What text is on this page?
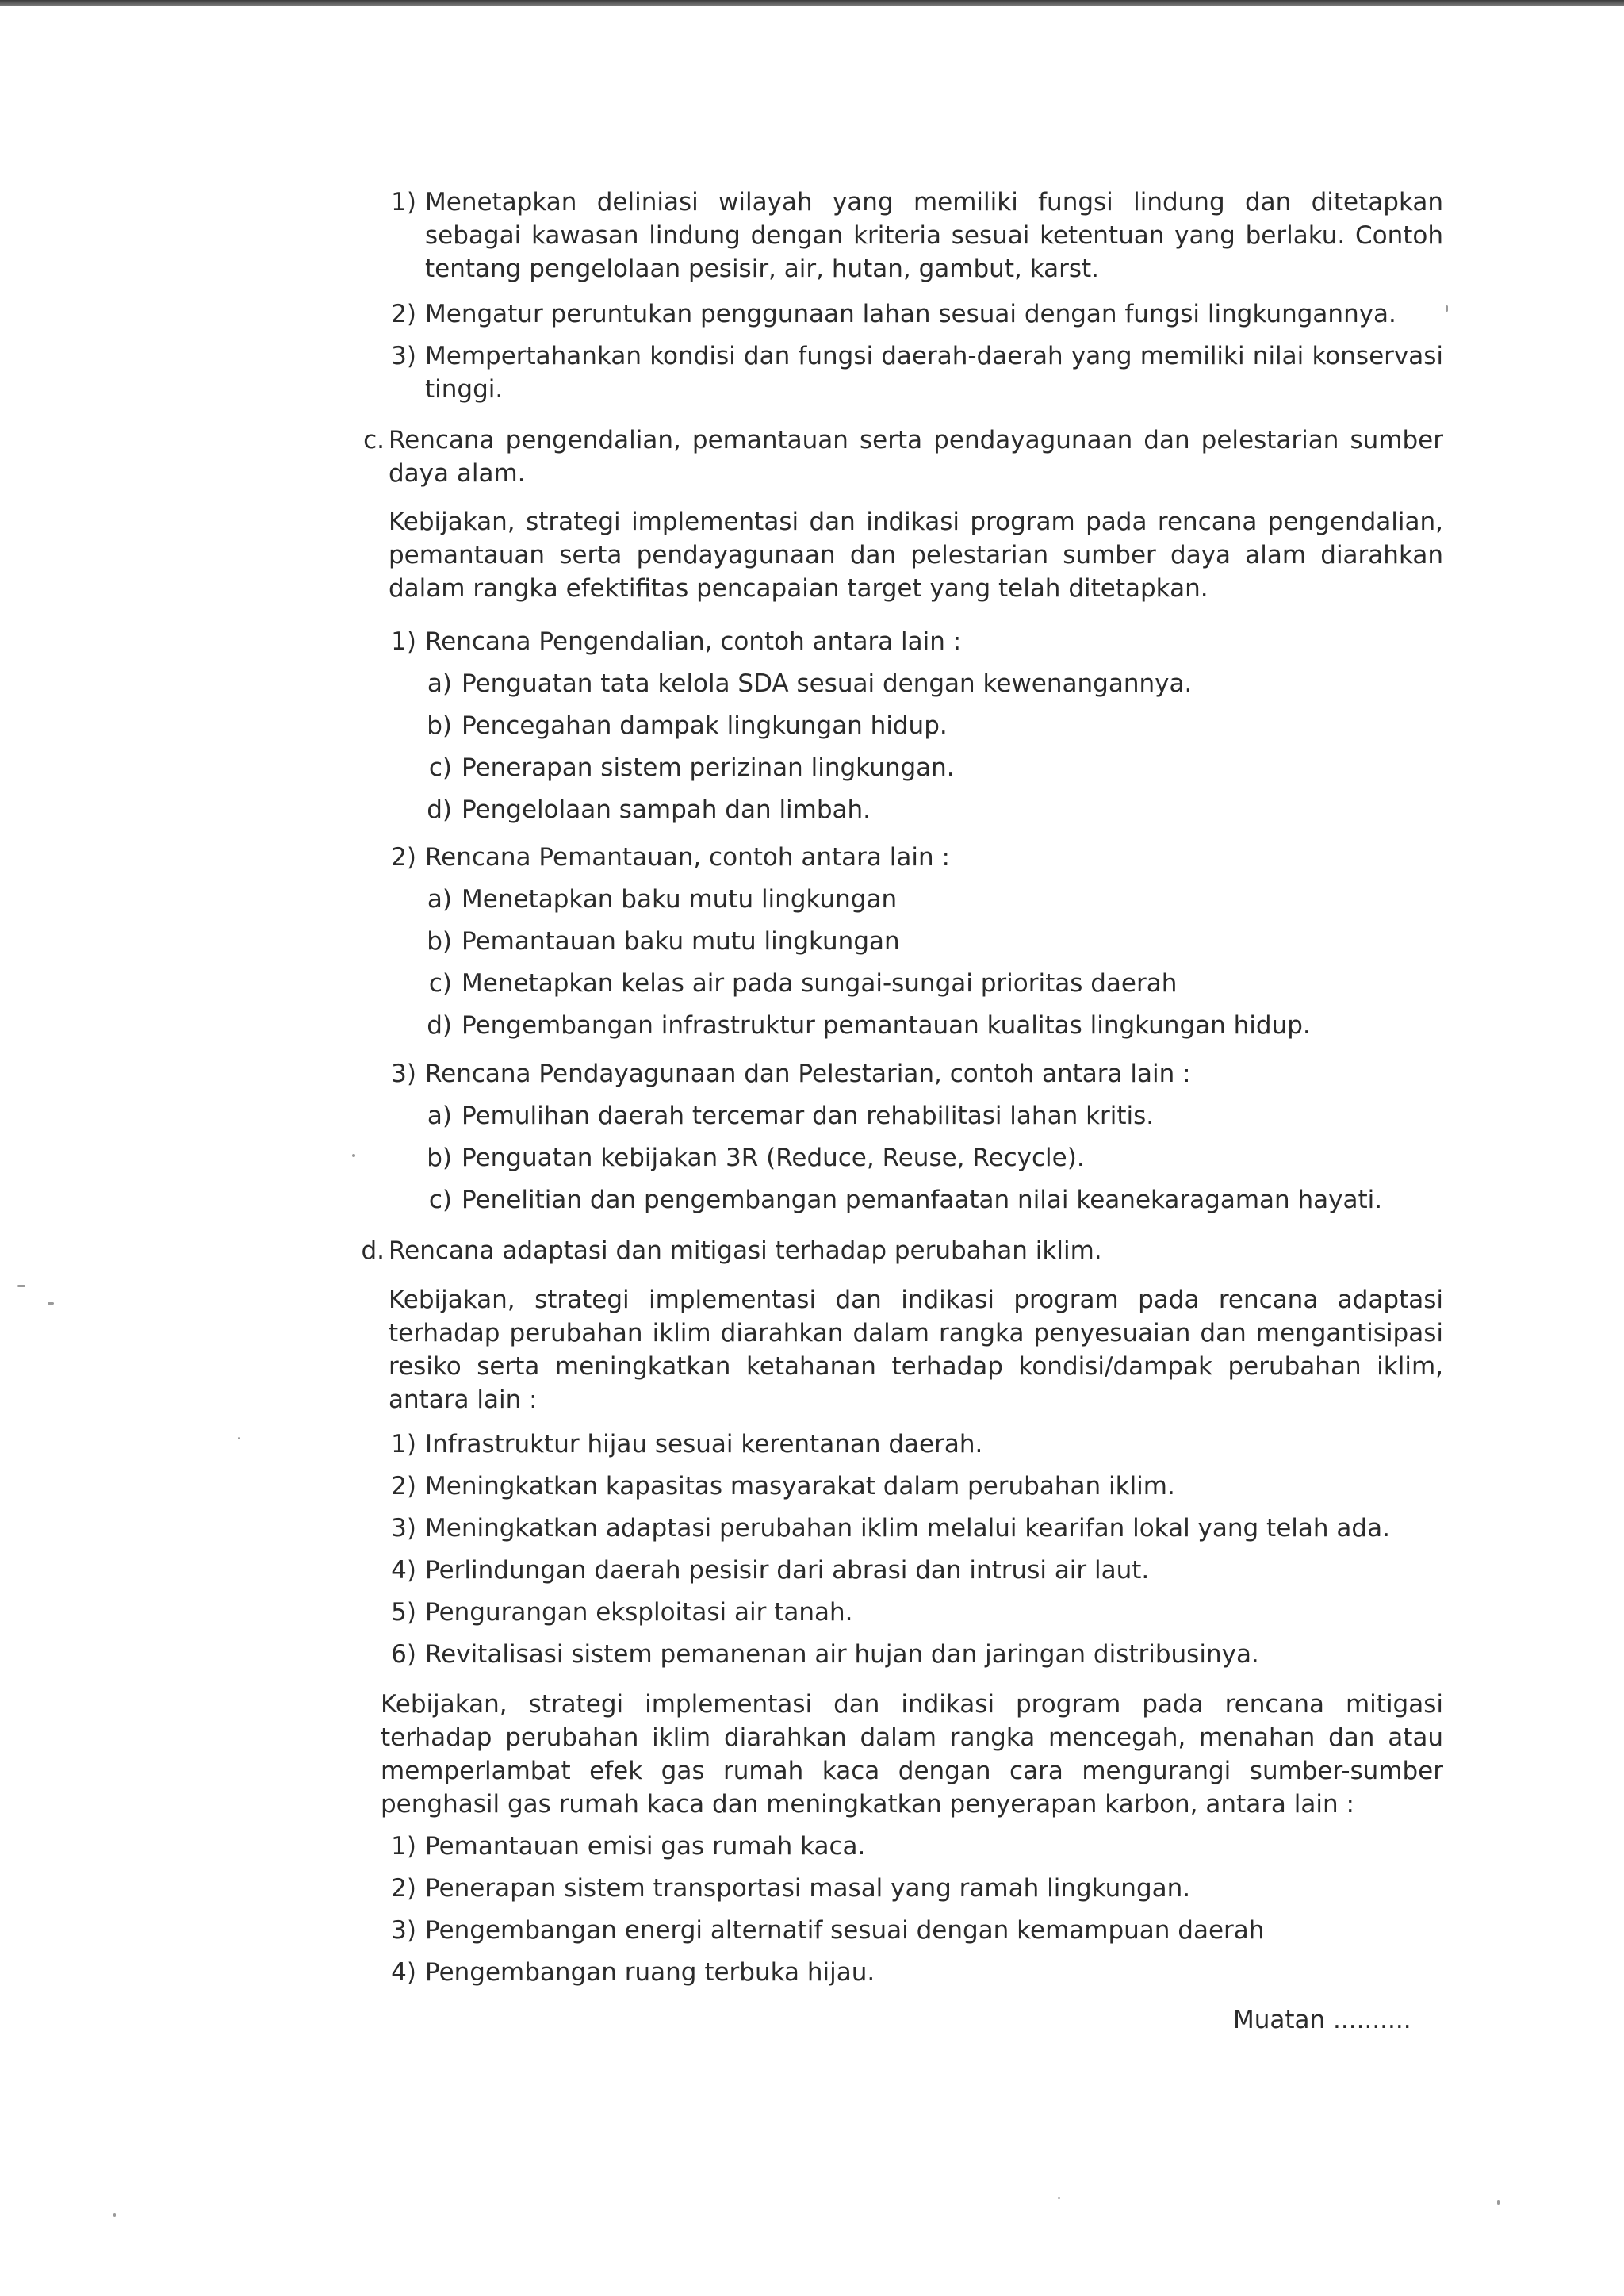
1) Menetapkan deliniasi wilayah yang memiliki fungsi lindung dan ditetapkan sebagai kawasan lindung dengan kriteria sesuai ketentuan yang berlaku. Contoh tentang pengelolaan pesisir, air, hutan, gambut, karst.
2) Mengatur peruntukan penggunaan lahan sesuai dengan fungsi lingkungannya.
3) Mempertahankan kondisi dan fungsi daerah-daerah yang memiliki nilai konservasi tinggi.
c. Rencana pengendalian, pemantauan serta pendayagunaan dan pelestarian sumber daya alam.
Kebijakan, strategi implementasi dan indikasi program pada rencana pengendalian, pemantauan serta pendayagunaan dan pelestarian sumber daya alam diarahkan dalam rangka efektifitas pencapaian target yang telah ditetapkan.
1) Rencana Pengendalian, contoh antara lain :
a) Penguatan tata kelola SDA sesuai dengan kewenangannya.
b) Pencegahan dampak lingkungan hidup.
c) Penerapan sistem perizinan lingkungan.
d) Pengelolaan sampah dan limbah.
2) Rencana Pemantauan, contoh antara lain :
a) Menetapkan baku mutu lingkungan
b) Pemantauan baku mutu lingkungan
c) Menetapkan kelas air pada sungai-sungai prioritas daerah
d) Pengembangan infrastruktur pemantauan kualitas lingkungan hidup.
3) Rencana Pendayagunaan dan Pelestarian, contoh antara lain :
a) Pemulihan daerah tercemar dan rehabilitasi lahan kritis.
b) Penguatan kebijakan 3R (Reduce, Reuse, Recycle).
c) Penelitian dan pengembangan pemanfaatan nilai keanekaragaman hayati.
d. Rencana adaptasi dan mitigasi terhadap perubahan iklim.
Kebijakan, strategi implementasi dan indikasi program pada rencana adaptasi terhadap perubahan iklim diarahkan dalam rangka penyesuaian dan mengantisipasi resiko serta meningkatkan ketahanan terhadap kondisi/dampak perubahan iklim, antara lain :
1) Infrastruktur hijau sesuai kerentanan daerah.
2) Meningkatkan kapasitas masyarakat dalam perubahan iklim.
3) Meningkatkan adaptasi perubahan iklim melalui kearifan lokal yang telah ada.
4) Perlindungan daerah pesisir dari abrasi dan intrusi air laut.
5) Pengurangan eksploitasi air tanah.
6) Revitalisasi sistem pemanenan air hujan dan jaringan distribusinya.
Kebijakan, strategi implementasi dan indikasi program pada rencana mitigasi terhadap perubahan iklim diarahkan dalam rangka mencegah, menahan dan atau memperlambat efek gas rumah kaca dengan cara mengurangi sumber-sumber penghasil gas rumah kaca dan meningkatkan penyerapan karbon, antara lain :
1) Pemantauan emisi gas rumah kaca.
2) Penerapan sistem transportasi masal yang ramah lingkungan.
3) Pengembangan energi alternatif sesuai dengan kemampuan daerah
4) Pengembangan ruang terbuka hijau.
Muatan ..........
